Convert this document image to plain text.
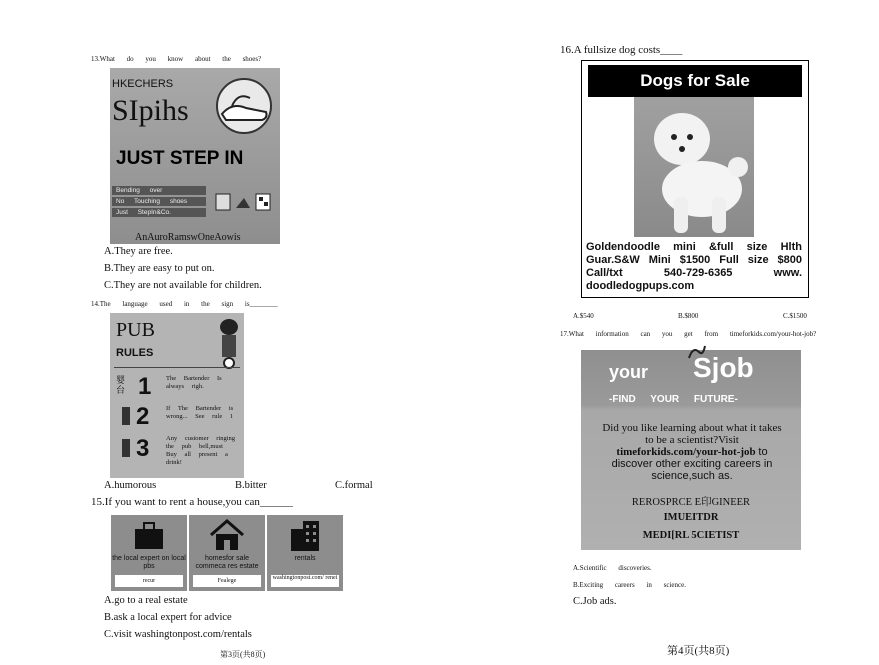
13.What do you know about the shoes?
HKECHERS
SIpihs
JUST STEP IN
Bending over
No Touching shoes
Just StepIn&Co.
AnAuroRamswOneAowis
A.They are free.
B.They are easy to put on.
C.They are not available for children.
14.The language used in the sign is________
PUB
RULES
婴台 1 The Bartender Is always righ.
2	If The Bartender is wrong... See rule 1
3	Any customer ringing the pub bell,must Buy all present a drink!
A.humorous	B.bitter	C.formal
15.If you want to rent a house,you can______
the local expert on local pbs
recur
homesfor sale commeca res estate
Fealege
rentals
washingtonpost.com/ renei
A.go to a real estate
B.ask a local expert for advice
C.visit washingtonpost.com/rentals
第3页(共8页)
16.A fullsize dog costs____
Dogs for Sale
Goldendoodle mini &full size Hlth Guar.S&W Mini $1500 Full size $800 Call/txt 540-729-6365 www. doodledogpups.com
A.$540	B.$800	C.$1500
17.What information can you get from timeforkids.com/your-hot-job?
your Sjob
-FIND YOUR FUTURE-
Did you like learning about what it takes to be a scientist?Visit timeforkids.com/your-hot-job to discover other exciting careers in science,such as.
REROSPRCE E印GINEER
IMUEITDR
MEDI[RL 5CIETIST
A.Scientific discoveries.
B.Exciting careers in science.
C.Job ads.
第4页(共8页)
